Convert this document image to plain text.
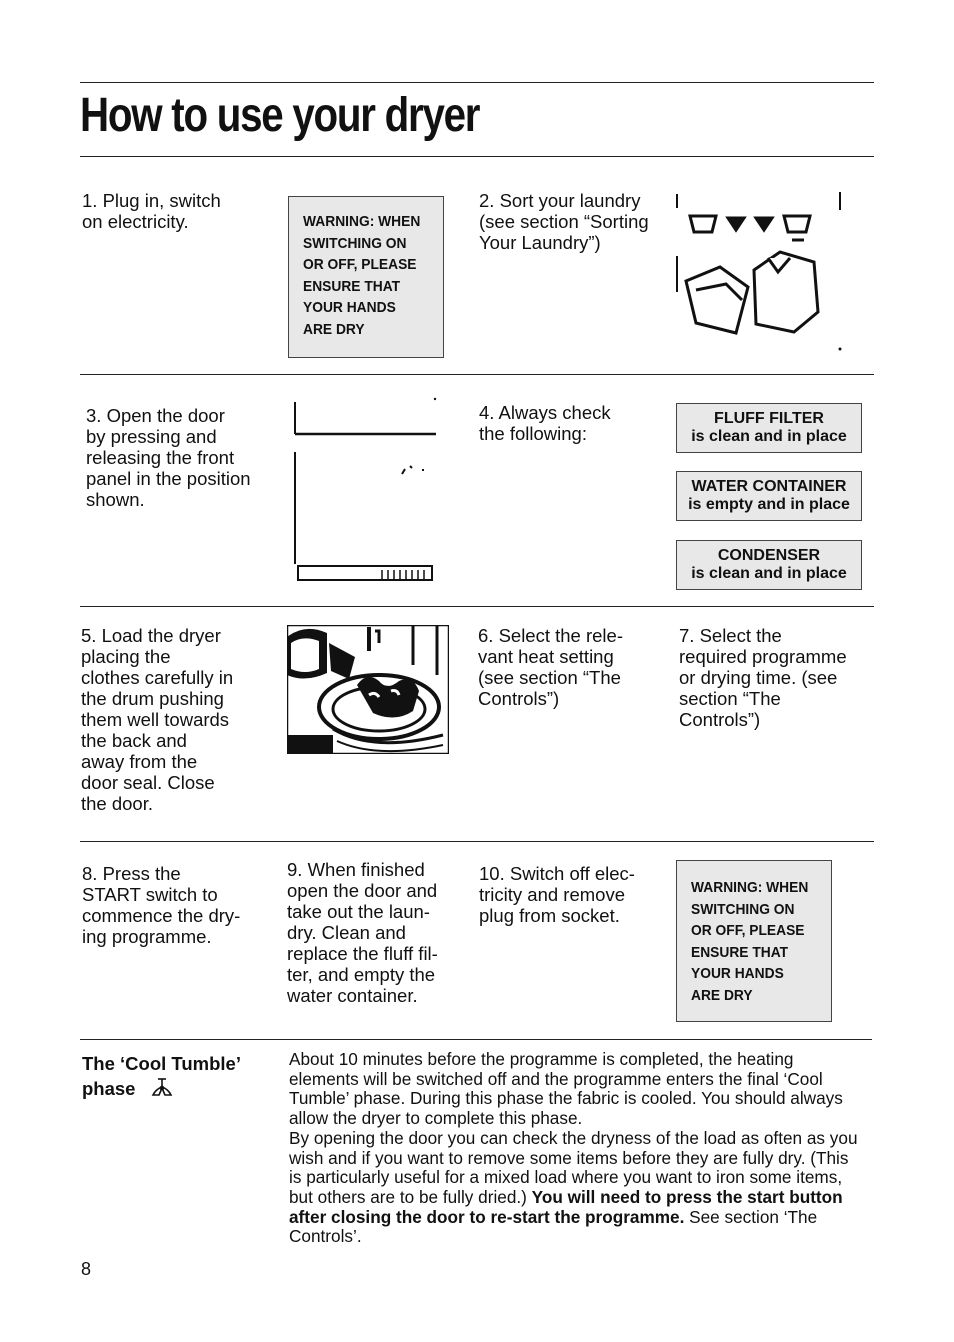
How to use your dryer
1. Plug in, switch
on electricity.	WARNING: WHEN SWITCHING ON OR OFF, PLEASE ENSURE THAT YOUR HANDS ARE DRY
2. Sort your laundry
(see section “Sorting
Your Laundry”)
3. Open the door
by pressing and
releasing the front
panel in the position
shown.
4. Always check
the following:
FLUFF FILTER
is clean and in place
WATER CONTAINER
is empty and in place
CONDENSER
is clean and in place
5. Load the dryer
placing the
clothes carefully in
the drum pushing
them well towards
the back and
away from the
door seal. Close
the door.
6. Select the rele-
vant heat setting
(see section “The
Controls”)
7. Select the
required programme
or drying time. (see
section “The
Controls”)
8. Press the
START switch to
commence the dry-
ing programme.
9. When finished
open the door and
take out the laun-
dry. Clean and
replace the fluff fil-
ter, and empty the
water container.
10. Switch off elec-
tricity and remove
plug from socket.
WARNING: WHEN SWITCHING ON OR OFF, PLEASE ENSURE THAT YOUR HANDS ARE DRY
The ‘Cool Tumble’
phase
About 10 minutes before the programme is completed, the heating elements will be switched off and the programme enters the final ‘Cool Tumble’ phase. During this phase the fabric is cooled. You should always allow the dryer to complete this phase.
By opening the door you can check the dryness of the load as often as you wish and if you want to remove some items before they are fully dry. (This is particularly useful for a mixed load where you want to iron some items, but others are to be fully dried.) You will need to press the start button after closing the door to re-start the programme. See section ‘The Controls’.
8
